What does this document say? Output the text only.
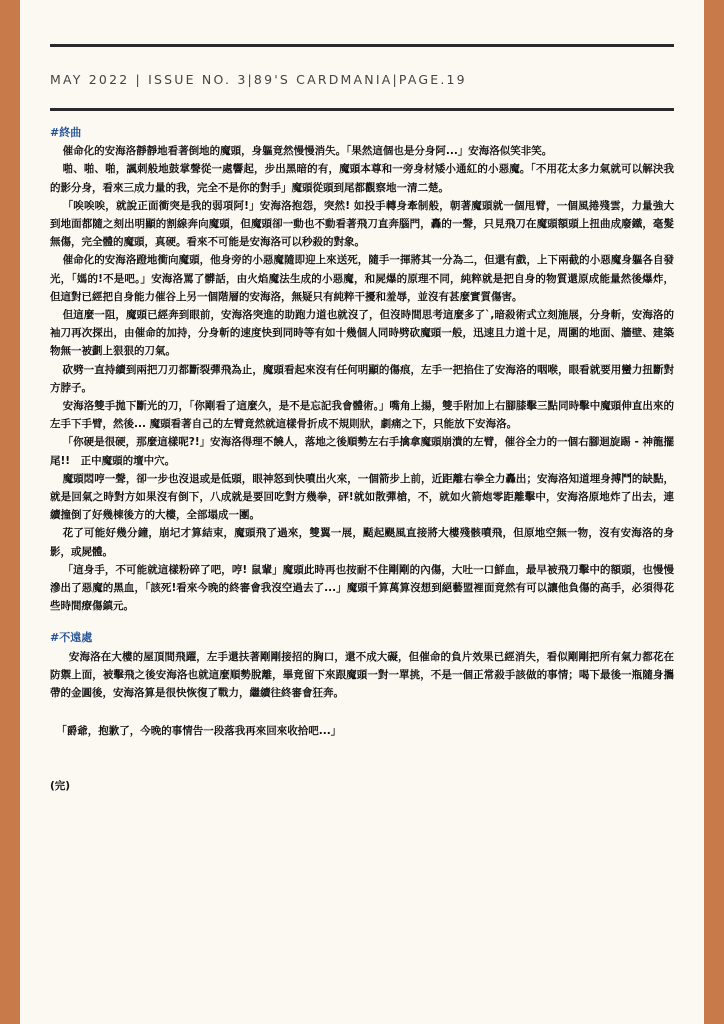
MAY 2022 | ISSUE NO. 3|89'S CARDMANIA|PAGE.19

#終曲

催命化的安海洛靜靜地看著倒地的魔頭，身軀竟然慢慢消失。「果然這個也是分身阿...」安海洛似笑非笑。

啪、啪、啪，諷刺般地鼓掌聲從一處響起，步出黑暗的有，魔頭本尊和一旁身材矮小通紅的小惡魔。「不用花太多力氣就可以解決我的影分身，看來三成力量的我，完全不是你的對手」魔頭從頭到尾都觀察地一清二楚。

「唉唉唉，就說正面衝突是我的弱項阿!」安海洛抱怨，突然! 如投手轉身牽制般，朝著魔頭就一個甩臂，一個風捲殘雲，力量強大到地面都隨之刻出明顯的割線奔向魔頭，但魔頭卻一動也不動看著飛刀直奔腦門，轟的一聲，只見飛刀在魔頭額頭上扭曲成廢鐵，毫髮無傷，完全體的魔頭，真硬。看來不可能是安海洛可以秒殺的對象。

催命化的安海洛蹬地衝向魔頭，他身旁的小惡魔隨即迎上來送死，隨手一揮將其一分為二，但還有戲，上下兩截的小惡魔身軀各自發光，「媽的!不是吧。」安海洛罵了髒話，由火焰魔法生成的小惡魔，和屍爆的原理不同，純粹就是把自身的物質還原成能量然後爆炸，但這對已經把自身能力催谷上另一個階層的安海洛，無疑只有純粹干擾和羞辱，並沒有甚麼實質傷害。

但這麼一阻，魔頭已經奔到眼前，安海洛突進的助跑力道也就沒了，但沒時間思考這麼多了`,暗殺術式立刻施展，分身斬，安海洛的袖刀再次探出，由催命的加持，分身斬的速度快到同時等有如十幾個人同時劈砍魔頭一般，迅速且力道十足，周圍的地面、牆壁、建築物無一被劃上狠狠的刀氣。

砍劈一直持續到兩把刀刃都斷裂彈飛為止，魔頭看起來沒有任何明顯的傷痕，左手一把掐住了安海洛的咽喉，眼看就要用蠻力扭斷對方脖子。

安海洛雙手拋下斷光的刀，「你剛看了這麼久，是不是忘記我會體術。」嘴角上揚，雙手附加上右腳膝擊三點同時擊中魔頭伸直出來的左手下手臂，然後... 魔頭看著自己的左臂竟然就這樣骨折成不規則狀，劇痛之下，只能放下安海洛。

「你硬是很硬，那麼這樣呢?!」安海洛得理不饒人，落地之後順勢左右手擒拿魔頭崩潰的左臂，催谷全力的一個右腳迴旋踢 - 神龍擺尾!!　正中魔頭的壇中穴。

魔頭悶哼一聲，卻一步也沒退或是低頭，眼神怒到快噴出火來，一個箭步上前，近距離右拳全力轟出；安海洛知道埋身搏鬥的缺點，就是回氣之時對方如果沒有倒下，八成就是要回吃對方幾拳，砰!就如散彈槍，不，就如火箭炮零距離擊中，安海洛原地炸了出去，連續撞倒了好幾棟後方的大樓，全部塌成一團。

花了可能好幾分鐘，崩圮才算結束，魔頭飛了過來，雙翼一展，颳起颶風直接將大樓殘骸噴飛，但原地空無一物，沒有安海洛的身影，或屍體。

「這身手，不可能就這樣粉碎了吧，哼! 鼠輩」魔頭此時再也按耐不住剛剛的內傷，大吐一口鮮血，最早被飛刀擊中的額頭，也慢慢滲出了惡魔的黑血，「該死!看來今晚的終審會我沒空過去了...」魔頭千算萬算沒想到絕藝盟裡面竟然有可以讓他負傷的高手，必須得花些時間療傷鎮元。

#不遠處

安海洛在大樓的屋頂間飛躍，左手還扶著剛剛接招的胸口，還不成大礙，但催命的負片效果已經消失，看似剛剛把所有氣力都花在防禦上面，被擊飛之後安海洛也就這麼順勢脫離，畢竟留下來跟魔頭一對一單挑，不是一個正常殺手該做的事情；喝下最後一瓶隨身攜帶的金圓後，安海洛算是很快恢復了戰力，繼續往終審會狂奔。

「爵爺，抱歉了，今晚的事情告一段落我再來回來收拾吧...」

(完)
